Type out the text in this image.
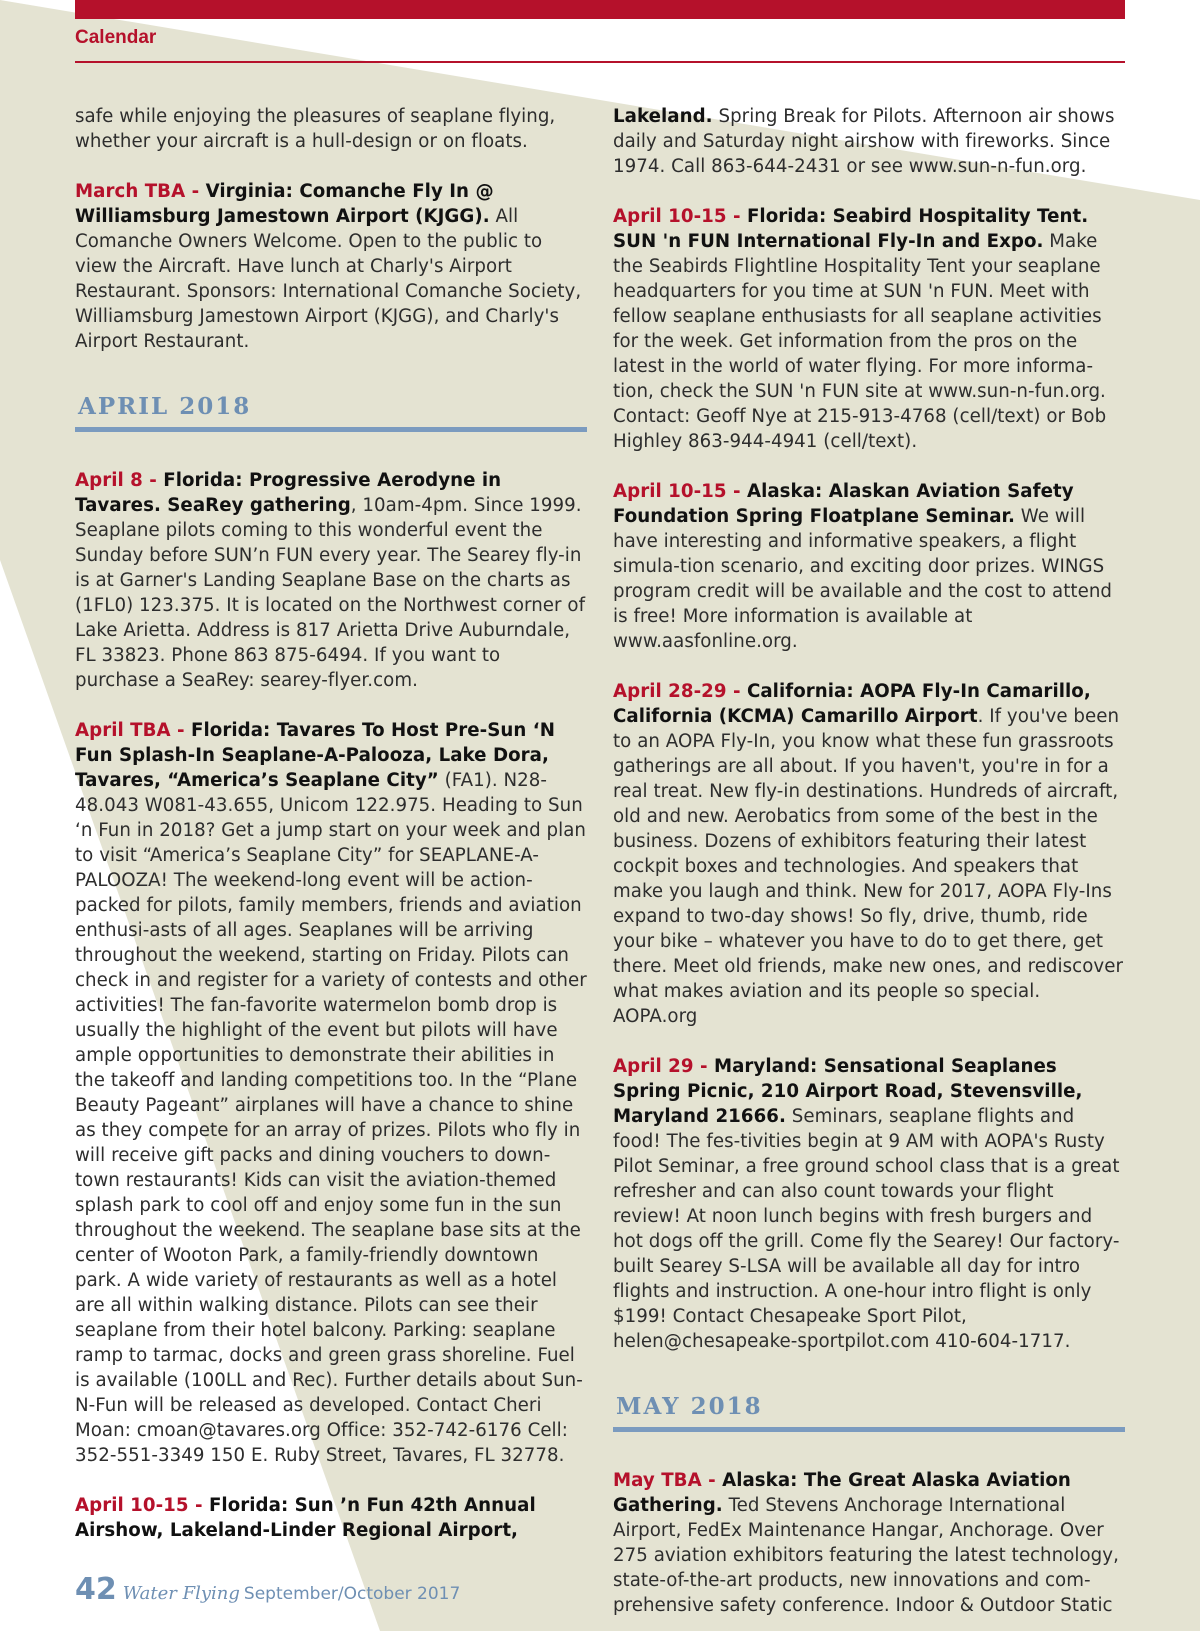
Calendar

safe while enjoying the pleasures of seaplane flying, whether your aircraft is a hull-design or on floats.

March TBA - Virginia: Comanche Fly In @ Williamsburg Jamestown Airport (KJGG). All Comanche Owners Welcome. Open to the public to view the Aircraft. Have lunch at Charly's Airport Restaurant. Sponsors: International Comanche Society, Williamsburg Jamestown Airport (KJGG), and Charly's Airport Restaurant.

APRIL 2018

April 8 - Florida: Progressive Aerodyne in Tavares. SeaRey gathering, 10am-4pm. Since 1999. Seaplane pilots coming to this wonderful event the Sunday before SUN’n FUN every year. The Searey fly-in is at Garner's Landing Seaplane Base on the charts as (1FL0) 123.375. It is located on the Northwest corner of Lake Arietta. Address is 817 Arietta Drive Auburndale, FL 33823. Phone 863 875-6494. If you want to purchase a SeaRey: searey-flyer.com.

April TBA - Florida: Tavares To Host Pre-Sun ‘N Fun Splash-In Seaplane-A-Palooza, Lake Dora, Tavares, “America’s Seaplane City” (FA1). N28-48.043 W081-43.655, Unicom 122.975. Heading to Sun ‘n Fun in 2018? Get a jump start on your week and plan to visit “America’s Seaplane City” for SEAPLANE-A-PALOOZA! The weekend-long event will be action-packed for pilots, family members, friends and aviation enthusi-asts of all ages. Seaplanes will be arriving throughout the weekend, starting on Friday. Pilots can check in and register for a variety of contests and other activities! The fan-favorite watermelon bomb drop is usually the highlight of the event but pilots will have ample opportunities to demonstrate their abilities in the takeoff and landing competitions too. In the “Plane Beauty Pageant” airplanes will have a chance to shine as they compete for an array of prizes. Pilots who fly in will receive gift packs and dining vouchers to down-town restaurants! Kids can visit the aviation-themed splash park to cool off and enjoy some fun in the sun throughout the weekend. The seaplane base sits at the center of Wooton Park, a family-friendly downtown park. A wide variety of restaurants as well as a hotel are all within walking distance. Pilots can see their seaplane from their hotel balcony. Parking: seaplane ramp to tarmac, docks and green grass shoreline. Fuel is available (100LL and Rec). Further details about Sun-N-Fun will be released as developed. Contact Cheri Moan: cmoan@tavares.org Office: 352-742-6176 Cell: 352-551-3349 150 E. Ruby Street, Tavares, FL 32778.

April 10-15 - Florida: Sun ’n Fun 42th Annual Airshow, Lakeland-Linder Regional Airport,

Lakeland. Spring Break for Pilots. Afternoon air shows daily and Saturday night airshow with fireworks. Since 1974. Call 863-644-2431 or see www.sun-n-fun.org.

April 10-15 - Florida: Seabird Hospitality Tent. SUN 'n FUN International Fly-In and Expo. Make the Seabirds Flightline Hospitality Tent your seaplane headquarters for you time at SUN 'n FUN. Meet with fellow seaplane enthusiasts for all seaplane activities for the week. Get information from the pros on the latest in the world of water flying. For more informa-tion, check the SUN 'n FUN site at www.sun-n-fun.org. Contact: Geoff Nye at 215-913-4768 (cell/text) or Bob Highley 863-944-4941 (cell/text).

April 10-15 - Alaska: Alaskan Aviation Safety Foundation Spring Floatplane Seminar. We will have interesting and informative speakers, a flight simula-tion scenario, and exciting door prizes. WINGS program credit will be available and the cost to attend is free! More information is available at www.aasfonline.org.

April 28-29 - California: AOPA Fly-In Camarillo, California (KCMA) Camarillo Airport. If you've been to an AOPA Fly-In, you know what these fun grassroots gatherings are all about. If you haven't, you're in for a real treat. New fly-in destinations. Hundreds of aircraft, old and new. Aerobatics from some of the best in the business. Dozens of exhibitors featuring their latest cockpit boxes and technologies. And speakers that make you laugh and think. New for 2017, AOPA Fly-Ins expand to two-day shows! So fly, drive, thumb, ride your bike – whatever you have to do to get there, get there. Meet old friends, make new ones, and rediscover what makes aviation and its people so special. AOPA.org

April 29 - Maryland: Sensational Seaplanes Spring Picnic, 210 Airport Road, Stevensville, Maryland 21666. Seminars, seaplane flights and food! The fes-tivities begin at 9 AM with AOPA's Rusty Pilot Seminar, a free ground school class that is a great refresher and can also count towards your flight review! At noon lunch begins with fresh burgers and hot dogs off the grill. Come fly the Searey! Our factory-built Searey S-LSA will be available all day for intro flights and instruction. A one-hour intro flight is only $199! Contact Chesapeake Sport Pilot, helen@chesapeake-sportpilot.com 410-604-1717.

MAY 2018

May TBA - Alaska: The Great Alaska Aviation Gathering. Ted Stevens Anchorage International Airport, FedEx Maintenance Hangar, Anchorage. Over 275 aviation exhibitors featuring the latest technology, state-of-the-art products, new innovations and com-prehensive safety conference. Indoor & Outdoor Static

42 Water Flying September/October 2017
